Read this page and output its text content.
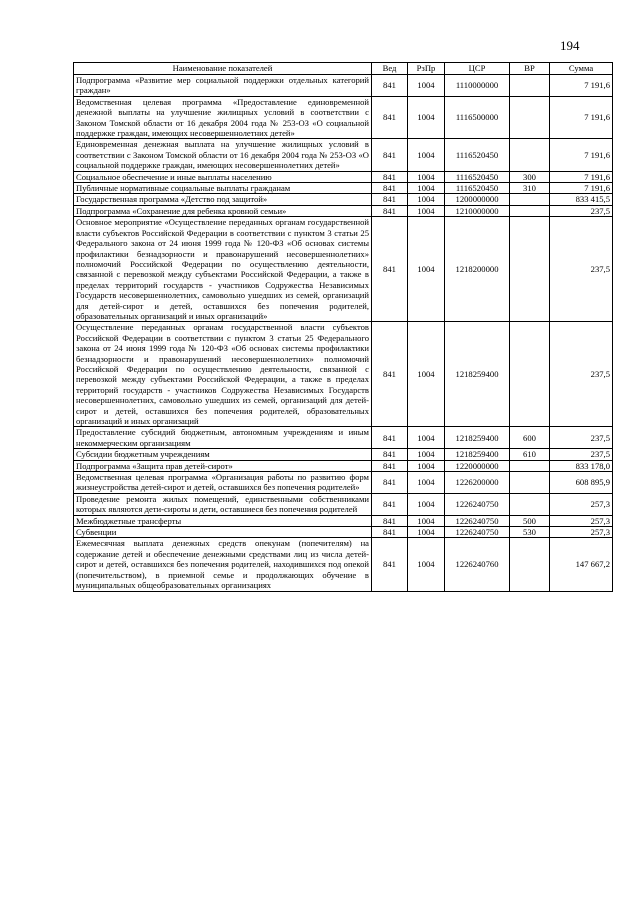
194
Наименование показателей	Вед	РзПр	ЦСР	ВР	Сумма
Подпрограмма «Развитие мер социальной поддержки отдельных категорий граждан»	841	1004	1110000000		7 191,6
Ведомственная целевая программа «Предоставление единовременной денежной выплаты на улучшение жилищных условий в соответствии с Законом Томской области от 16 декабря 2004 года № 253-ОЗ «О социальной поддержке граждан, имеющих несовершеннолетних детей»	841	1004	1116500000		7 191,6
Единовременная денежная выплата на улучшение жилищных условий в соответствии с Законом Томской области от 16 декабря 2004 года № 253-ОЗ «О социальной поддержке граждан, имеющих несовершеннолетних детей»	841	1004	1116520450		7 191,6
Социальное обеспечение и иные выплаты населению	841	1004	1116520450	300	7 191,6
Публичные нормативные социальные выплаты гражданам	841	1004	1116520450	310	7 191,6
Государственная программа «Детство под защитой»	841	1004	1200000000		833 415,5
Подпрограмма «Сохранение для ребенка кровной семьи»	841	1004	1210000000		237,5
Основное мероприятие «Осуществление переданных органам государственной власти субъектов Российской Федерации в соответствии с пунктом 3 статьи 25 Федерального закона от 24 июня 1999 года № 120-ФЗ «Об основах системы профилактики безнадзорности и правонарушений несовершеннолетних» полномочий Российской Федерации по осуществлению деятельности, связанной с перевозкой между субъектами Российской Федерации, а также в пределах территорий государств - участников Содружества Независимых Государств несовершеннолетних, самовольно ушедших из семей, организаций для детей-сирот и детей, оставшихся без попечения родителей, образовательных организаций и иных организаций»	841	1004	1218200000		237,5
Осуществление переданных органам государственной власти субъектов Российской Федерации в соответствии с пунктом 3 статьи 25 Федерального закона от 24 июня 1999 года № 120-ФЗ «Об основах системы профилактики безнадзорности и правонарушений несовершеннолетних» полномочий Российской Федерации по осуществлению деятельности, связанной с перевозкой между субъектами Российской Федерации, а также в пределах территорий государств - участников Содружества Независимых Государств несовершеннолетних, самовольно ушедших из семей, организаций для детей-сирот и детей, оставшихся без попечения родителей, образовательных организаций и иных организаций	841	1004	1218259400		237,5
Предоставление субсидий бюджетным, автономным учреждениям и иным некоммерческим организациям	841	1004	1218259400	600	237,5
Субсидии бюджетным учреждениям	841	1004	1218259400	610	237,5
Подпрограмма «Защита прав детей-сирот»	841	1004	1220000000		833 178,0
Ведомственная целевая программа «Организация работы по развитию форм жизнеустройства детей-сирот и детей, оставшихся без попечения родителей»	841	1004	1226200000		608 895,9
Проведение ремонта жилых помещений, единственными собственниками которых являются дети-сироты и дети, оставшиеся без попечения родителей	841	1004	1226240750		257,3
Межбюджетные трансферты	841	1004	1226240750	500	257,3
Субвенции	841	1004	1226240750	530	257,3
Ежемесячная выплата денежных средств опекунам (попечителям) на содержание детей и обеспечение денежными средствами лиц из числа детей-сирот и детей, оставшихся без попечения родителей, находившихся под опекой (попечительством), в приемной семье и продолжающих обучение в муниципальных общеобразовательных организациях	841	1004	1226240760		147 667,2
